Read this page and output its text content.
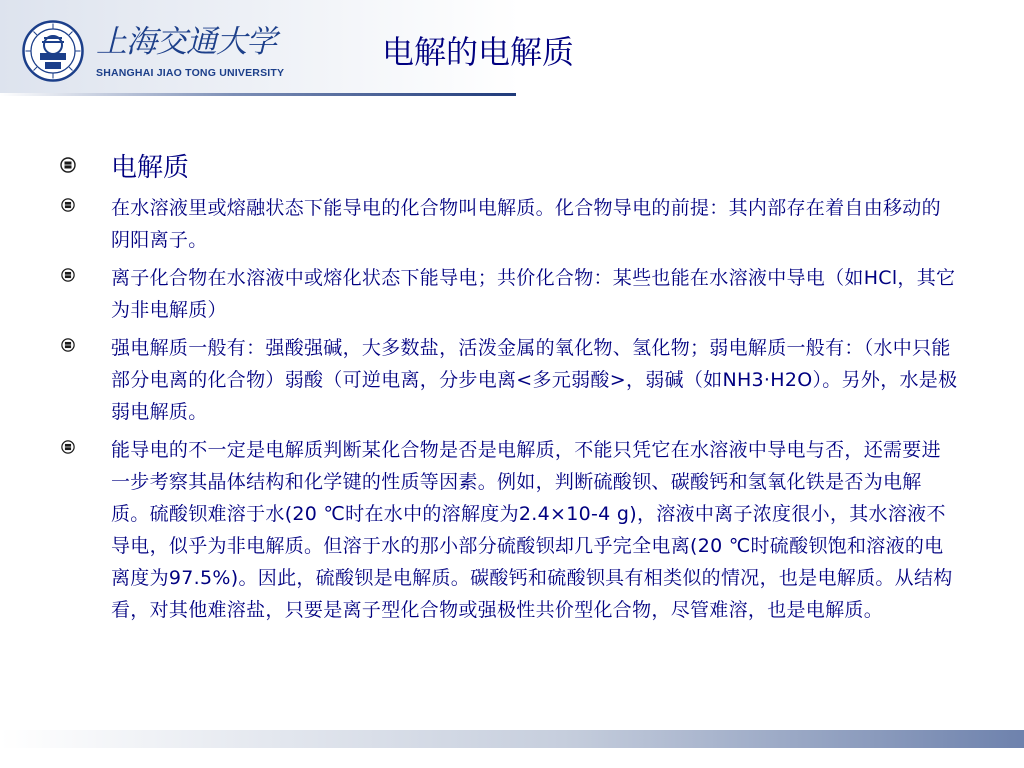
上海交通大学
SHANGHAI JIAO TONG UNIVERSITY
电解的电解质
电解质
在水溶液里或熔融状态下能导电的化合物叫电解质。化合物导电的前提：其内部存在着自由移动的阴阳离子。
离子化合物在水溶液中或熔化状态下能导电；共价化合物：某些也能在水溶液中导电（如HCl，其它为非电解质）
强电解质一般有：强酸强碱，大多数盐，活泼金属的氧化物、氢化物；弱电解质一般有：（水中只能部分电离的化合物）弱酸（可逆电离，分步电离<多元弱酸>，弱碱（如NH3·H2O）。另外，水是极弱电解质。
能导电的不一定是电解质判断某化合物是否是电解质，不能只凭它在水溶液中导电与否，还需要进一步考察其晶体结构和化学键的性质等因素。例如，判断硫酸钡、碳酸钙和氢氧化铁是否为电解质。硫酸钡难溶于水(20 ℃时在水中的溶解度为2.4×10-4 g)，溶液中离子浓度很小，其水溶液不导电，似乎为非电解质。但溶于水的那小部分硫酸钡却几乎完全电离(20 ℃时硫酸钡饱和溶液的电离度为97.5%)。因此，硫酸钡是电解质。碳酸钙和硫酸钡具有相类似的情况，也是电解质。从结构看，对其他难溶盐，只要是离子型化合物或强极性共价型化合物，尽管难溶，也是电解质。
